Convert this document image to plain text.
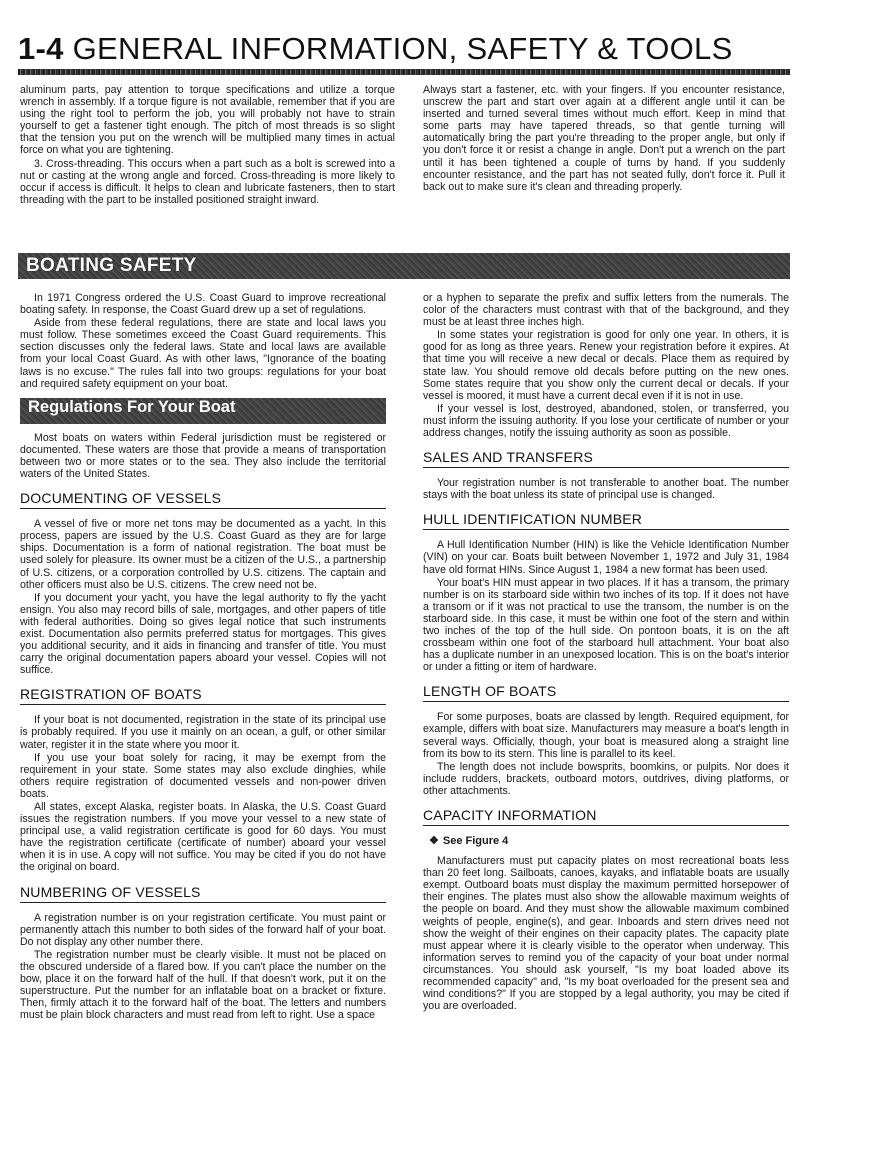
1-4 GENERAL INFORMATION, SAFETY & TOOLS

aluminum parts, pay attention to torque specifications and utilize a torque wrench in assembly. If a torque figure is not available, remember that if you are using the right tool to perform the job, you will probably not have to strain yourself to get a fastener tight enough. The pitch of most threads is so slight that the tension you put on the wrench will be multiplied many times in actual force on what you are tightening.

3. Cross-threading. This occurs when a part such as a bolt is screwed into a nut or casting at the wrong angle and forced. Cross-threading is more likely to occur if access is difficult. It helps to clean and lubricate fasteners, then to start threading with the part to be installed positioned straight inward.

Always start a fastener, etc. with your fingers. If you encounter resistance, unscrew the part and start over again at a different angle until it can be inserted and turned several times without much effort. Keep in mind that some parts may have tapered threads, so that gentle turning will automatically bring the part you're threading to the proper angle, but only if you don't force it or resist a change in angle. Don't put a wrench on the part until it has been tightened a couple of turns by hand. If you suddenly encounter resistance, and the part has not seated fully, don't force it. Pull it back out to make sure it's clean and threading properly.

BOATING SAFETY

In 1971 Congress ordered the U.S. Coast Guard to improve recreational boating safety. In response, the Coast Guard drew up a set of regulations.

Aside from these federal regulations, there are state and local laws you must follow. These sometimes exceed the Coast Guard requirements. This section discusses only the federal laws. State and local laws are available from your local Coast Guard. As with other laws, "Ignorance of the boating laws is no excuse." The rules fall into two groups: regulations for your boat and required safety equipment on your boat.

Regulations For Your Boat

Most boats on waters within Federal jurisdiction must be registered or documented. These waters are those that provide a means of transportation between two or more states or to the sea. They also include the territorial waters of the United States.

DOCUMENTING OF VESSELS

A vessel of five or more net tons may be documented as a yacht. In this process, papers are issued by the U.S. Coast Guard as they are for large ships. Documentation is a form of national registration. The boat must be used solely for pleasure. Its owner must be a citizen of the U.S., a partnership of U.S. citizens, or a corporation controlled by U.S. citizens. The captain and other officers must also be U.S. citizens. The crew need not be.

If you document your yacht, you have the legal authority to fly the yacht ensign. You also may record bills of sale, mortgages, and other papers of title with federal authorities. Doing so gives legal notice that such instruments exist. Documentation also permits preferred status for mortgages. This gives you additional security, and it aids in financing and transfer of title. You must carry the original documentation papers aboard your vessel. Copies will not suffice.

REGISTRATION OF BOATS

If your boat is not documented, registration in the state of its principal use is probably required. If you use it mainly on an ocean, a gulf, or other similar water, register it in the state where you moor it.

If you use your boat solely for racing, it may be exempt from the requirement in your state. Some states may also exclude dinghies, while others require registration of documented vessels and non-power driven boats.

All states, except Alaska, register boats. In Alaska, the U.S. Coast Guard issues the registration numbers. If you move your vessel to a new state of principal use, a valid registration certificate is good for 60 days. You must have the registration certificate (certificate of number) aboard your vessel when it is in use. A copy will not suffice. You may be cited if you do not have the original on board.

NUMBERING OF VESSELS

A registration number is on your registration certificate. You must paint or permanently attach this number to both sides of the forward half of your boat. Do not display any other number there.

The registration number must be clearly visible. It must not be placed on the obscured underside of a flared bow. If you can't place the number on the bow, place it on the forward half of the hull. If that doesn't work, put it on the superstructure. Put the number for an inflatable boat on a bracket or fixture. Then, firmly attach it to the forward half of the boat. The letters and numbers must be plain block characters and must read from left to right. Use a space

or a hyphen to separate the prefix and suffix letters from the numerals. The color of the characters must contrast with that of the background, and they must be at least three inches high.

In some states your registration is good for only one year. In others, it is good for as long as three years. Renew your registration before it expires. At that time you will receive a new decal or decals. Place them as required by state law. You should remove old decals before putting on the new ones. Some states require that you show only the current decal or decals. If your vessel is moored, it must have a current decal even if it is not in use.

If your vessel is lost, destroyed, abandoned, stolen, or transferred, you must inform the issuing authority. If you lose your certificate of number or your address changes, notify the issuing authority as soon as possible.

SALES AND TRANSFERS

Your registration number is not transferable to another boat. The number stays with the boat unless its state of principal use is changed.

HULL IDENTIFICATION NUMBER

A Hull Identification Number (HIN) is like the Vehicle Identification Number (VIN) on your car. Boats built between November 1, 1972 and July 31, 1984 have old format HINs. Since August 1, 1984 a new format has been used.

Your boat's HIN must appear in two places. If it has a transom, the primary number is on its starboard side within two inches of its top. If it does not have a transom or if it was not practical to use the transom, the number is on the starboard side. In this case, it must be within one foot of the stern and within two inches of the top of the hull side. On pontoon boats, it is on the aft crossbeam within one foot of the starboard hull attachment. Your boat also has a duplicate number in an unexposed location. This is on the boat's interior or under a fitting or item of hardware.

LENGTH OF BOATS

For some purposes, boats are classed by length. Required equipment, for example, differs with boat size. Manufacturers may measure a boat's length in several ways. Officially, though, your boat is measured along a straight line from its bow to its stern. This line is parallel to its keel.

The length does not include bowsprits, boomkins, or pulpits. Nor does it include rudders, brackets, outboard motors, outdrives, diving platforms, or other attachments.

CAPACITY INFORMATION
❖ See Figure 4

Manufacturers must put capacity plates on most recreational boats less than 20 feet long. Sailboats, canoes, kayaks, and inflatable boats are usually exempt. Outboard boats must display the maximum permitted horsepower of their engines. The plates must also show the allowable maximum weights of the people on board. And they must show the allowable maximum combined weights of people, engine(s), and gear. Inboards and stern drives need not show the weight of their engines on their capacity plates. The capacity plate must appear where it is clearly visible to the operator when underway. This information serves to remind you of the capacity of your boat under normal circumstances. You should ask yourself, "Is my boat loaded above its recommended capacity" and, "Is my boat overloaded for the present sea and wind conditions?" If you are stopped by a legal authority, you may be cited if you are overloaded.
